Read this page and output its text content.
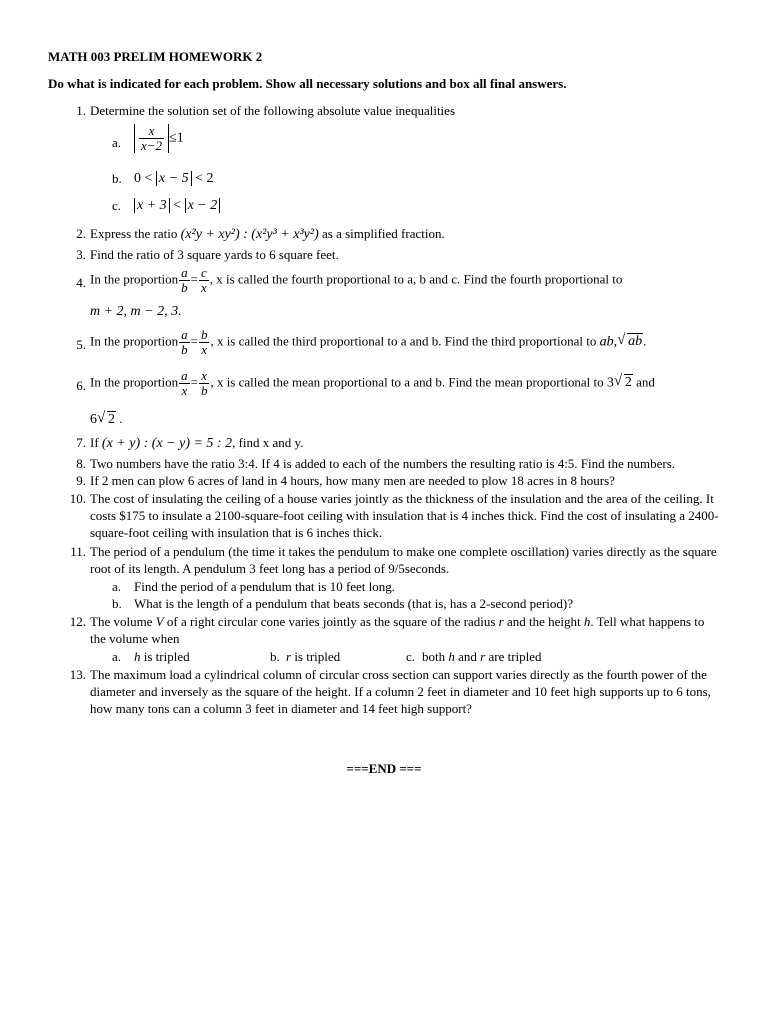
MATH 003 PRELIM HOMEWORK 2
Do what is indicated for each problem. Show all necessary solutions and box all final answers.
1. Determine the solution set of the following absolute value inequalities
a. $\frac{x}{x-2} \le 1$
b. 0 < x − 5 < 2
c. x + 3 < x − 2
2. Express the ratio (x²y + xy²) : (x²y³ + x³y²) as a simplified fraction.
3. Find the ratio of 3 square yards to 6 square feet.
4. In the proportion $\frac{a}{b} = \frac{c}{x}$ , x is called the fourth proportional to a, b and c. Find the fourth proportional to
m + 2, m − 2, 3.
5. In the proportion $\frac{a}{b} = \frac{b}{x}$ , x is called the third proportional to a and b. Find the third proportional to ab, √ ab.
6. In the proportion $\frac{a}{x} = \frac{x}{b}$ , x is called the mean proportional to a and b. Find the mean proportional to 3 √ 2 and
6 √ 2 .
7. If (x + y) : (x − y) = 5 : 2, find x and y.
8. Two numbers have the ratio 3:4. If 4 is added to each of the numbers the resulting ratio is 4:5. Find the numbers.
9. If 2 men can plow 6 acres of land in 4 hours, how many men are needed to plow 18 acres in 8 hours?
10. The cost of insulating the ceiling of a house varies jointly as the thickness of the insulation and the area of the ceiling. It costs $175 to insulate a 2100-square-foot ceiling with insulation that is 4 inches thick. Find the cost of insulating a 2400-square-foot ceiling with insulation that is 6 inches thick.
11. The period of a pendulum (the time it takes the pendulum to make one complete oscillation) varies directly as the square root of its length. A pendulum 3 feet long has a period of 9/5seconds.
a. Find the period of a pendulum that is 10 feet long.
b. What is the length of a pendulum that beats seconds (that is, has a 2-second period)?
12. The volume V of a right circular cone varies jointly as the square of the radius r and the height h. Tell what happens to the volume when
a. h is tripled	b. r is tripled	c. both h and r are tripled
13. The maximum load a cylindrical column of circular cross section can support varies directly as the fourth power of the diameter and inversely as the square of the height. If a column 2 feet in diameter and 10 feet high supports up to 6 tons, how many tons can a column 3 feet in diameter and 14 feet high support?
===END ===
